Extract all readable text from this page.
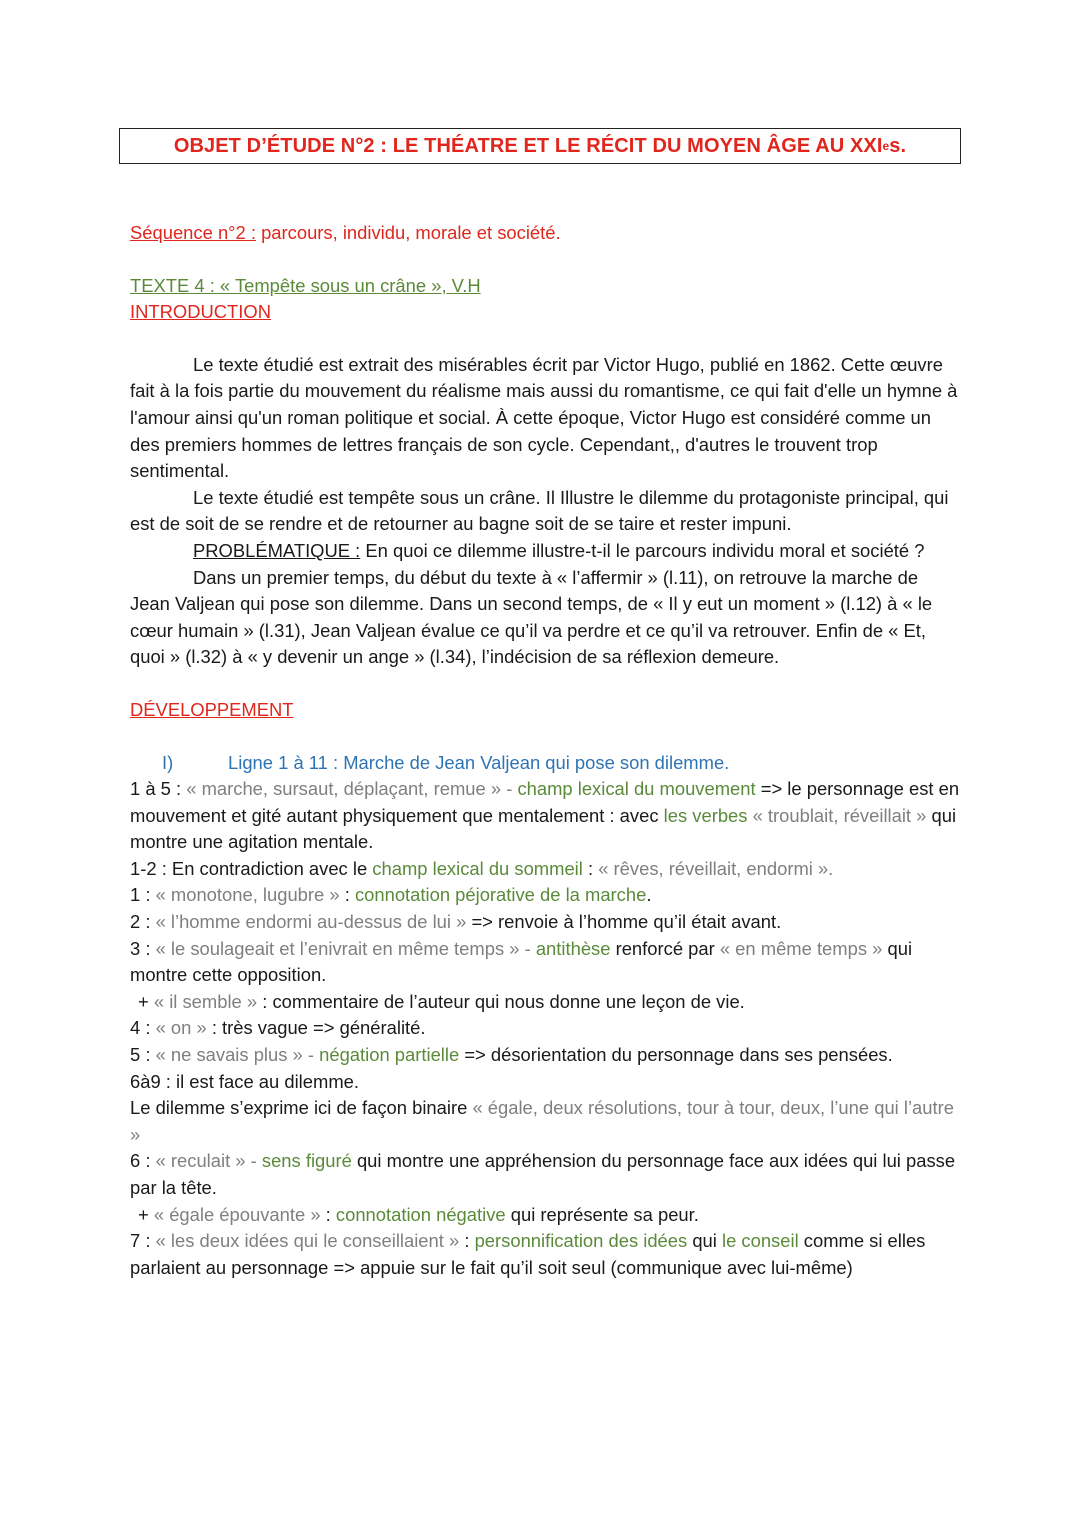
OBJET D’ÉTUDE N°2 : LE THÉATRE ET LE RÉCIT DU MOYEN ÂGE AU XXI e s.

Séquence n°2 : parcours, individu, morale et société.

TEXTE 4 : « Tempête sous un crâne », V.H

INTRODUCTION

Le texte étudié est extrait des misérables écrit par Victor Hugo, publié en 1862. Cette œuvre fait à la fois partie du mouvement du réalisme mais aussi du romantisme, ce qui fait d'elle un hymne à l'amour ainsi qu'un roman politique et social. À cette époque, Victor Hugo est considéré comme un des premiers hommes de lettres français de son cycle. Cependant,, d'autres le trouvent trop sentimental.

Le texte étudié est tempête sous un crâne. Il Illustre le dilemme du protagoniste principal, qui est de soit de se rendre et de retourner au bagne soit de se taire et rester impuni.

PROBLÉMATIQUE : En quoi ce dilemme illustre-t-il le parcours individu moral et société ?

Dans un premier temps, du début du texte à « l’affermir » (l.11), on retrouve la marche de Jean Valjean qui pose son dilemme. Dans un second temps, de « Il y eut un moment » (l.12) à « le cœur humain » (l.31), Jean Valjean évalue ce qu’il va perdre et ce qu’il va retrouver. Enfin de « Et, quoi » (l.32) à « y devenir un ange » (l.34), l’indécision de sa réflexion demeure.

DÉVELOPPEMENT

I)	Ligne 1 à 11 : Marche de Jean Valjean qui pose son dilemme.

1 à 5 : « marche, sursaut, déplaçant, remue » - champ lexical du mouvement => le personnage est en mouvement et gité autant physiquement que mentalement : avec les verbes « troublait, réveillait » qui montre une agitation mentale.

1-2 : En contradiction avec le champ lexical du sommeil : « rêves, réveillait, endormi ».

1 : « monotone, lugubre » : connotation péjorative de la marche.

2 : « l’homme endormi au-dessus de lui » => renvoie à l’homme qu’il était avant.

3 : « le soulageait et l’enivrait en même temps » - antithèse renforcé par « en même temps » qui montre cette opposition.

+ « il semble » : commentaire de l’auteur qui nous donne une leçon de vie.

4 : « on » : très vague => généralité.

5 : « ne savais plus » - négation partielle => désorientation du personnage dans ses pensées.

6à9 : il est face au dilemme.

Le dilemme s’exprime ici de façon binaire « égale, deux résolutions, tour à tour, deux, l’une qui l’autre »

6 : « reculait » - sens figuré qui montre une appréhension du personnage face aux idées qui lui passe par la tête.

+ « égale épouvante » : connotation négative qui représente sa peur.

7 : « les deux idées qui le conseillaient » : personnification des idées qui le conseil comme si elles parlaient au personnage => appuie sur le fait qu’il soit seul (communique avec lui-même)
